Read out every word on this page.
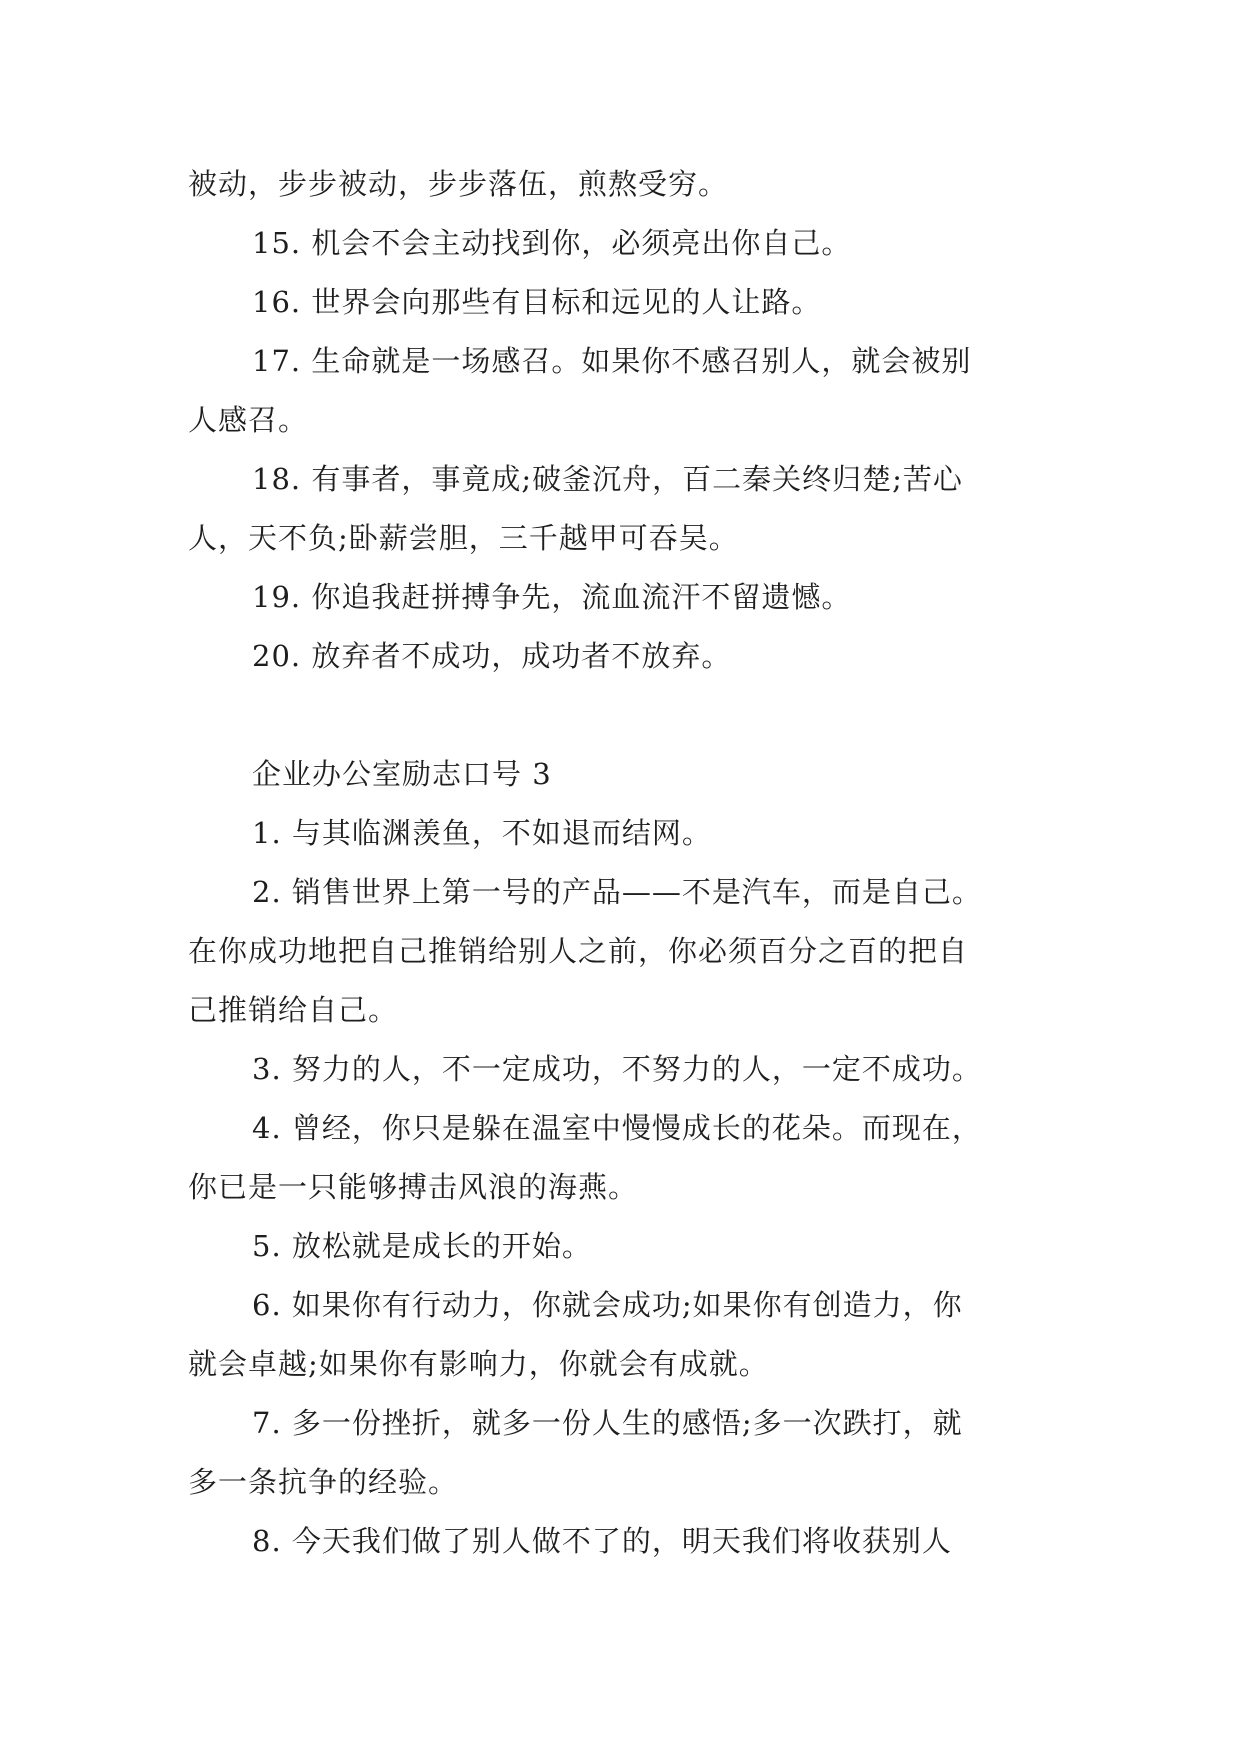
被动，步步被动，步步落伍，煎熬受穷。
15. 机会不会主动找到你，必须亮出你自己。
16. 世界会向那些有目标和远见的人让路。
17. 生命就是一场感召。如果你不感召别人，就会被别
人感召。
18. 有事者，事竟成;破釜沉舟，百二秦关终归楚;苦心
人，天不负;卧薪尝胆，三千越甲可吞吴。
19. 你追我赶拼搏争先，流血流汗不留遗憾。
20. 放弃者不成功，成功者不放弃。
企业办公室励志口号 3
1. 与其临渊羡鱼，不如退而结网。
2. 销售世界上第一号的产品——不是汽车，而是自己。
在你成功地把自己推销给别人之前，你必须百分之百的把自
己推销给自己。
3. 努力的人，不一定成功，不努力的人，一定不成功。
4. 曾经，你只是躲在温室中慢慢成长的花朵。而现在，
你已是一只能够搏击风浪的海燕。
5. 放松就是成长的开始。
6. 如果你有行动力，你就会成功;如果你有创造力，你
就会卓越;如果你有影响力，你就会有成就。
7. 多一份挫折，就多一份人生的感悟;多一次跌打，就
多一条抗争的经验。
8. 今天我们做了别人做不了的，明天我们将收获别人
